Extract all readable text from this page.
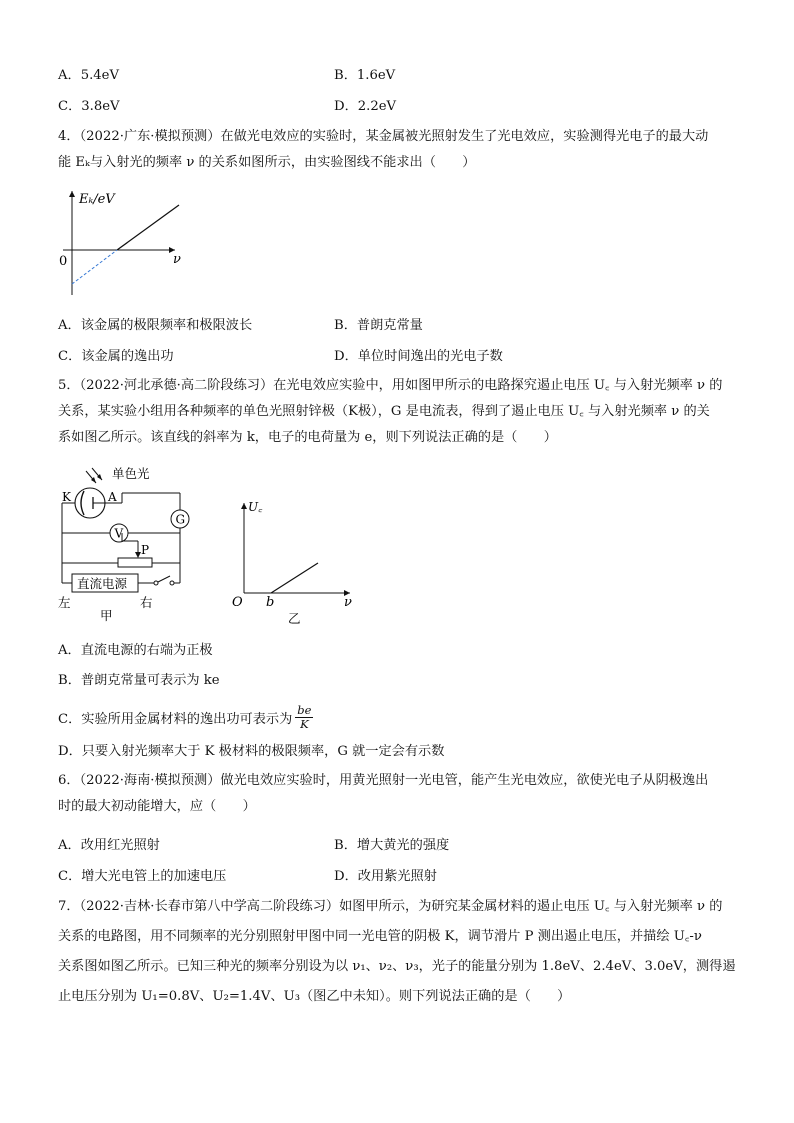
A．5.4eV	B．1.6eV
C．3.8eV	D．2.2eV
4．（2022·广东·模拟预测）在做光电效应的实验时，某金属被光照射发生了光电效应，实验测得光电子的最大动
能 Eₖ与入射光的频率 ν 的关系如图所示，由实验图线不能求出（　　）
Eₖ/eV
ν
0
A．该金属的极限频率和极限波长	B．普朗克常量
C．该金属的逸出功	D．单位时间逸出的光电子数
5．（2022·河北承德·高二阶段练习）在光电效应实验中，用如图甲所示的电路探究遏止电压 U꜀ 与入射光频率 ν 的
关系，某实验小组用各种频率的单色光照射锌极（K极），G 是电流表，得到了遏止电压 U꜀ 与入射光频率 ν 的关
系如图乙所示。该直线的斜率为 k，电子的电荷量为 e，则下列说法正确的是（　　）
单色光
K	A
G
V
P
直流电源
左	右
甲
U꜀
ν
O b
乙
A．直流电源的右端为正极
B．普朗克常量可表示为 ke
C．实验所用金属材料的逸出功可表示为 $\frac{be}{K}$
D．只要入射光频率大于 K 极材料的极限频率，G 就一定会有示数
6．（2022·海南·模拟预测）做光电效应实验时，用黄光照射一光电管，能产生光电效应，欲使光电子从阴极逸出
时的最大初动能增大，应（　　）
A．改用红光照射	B．增大黄光的强度
C．增大光电管上的加速电压	D．改用紫光照射
7．（2022·吉林·长春市第八中学高二阶段练习）如图甲所示，为研究某金属材料的遏止电压 U꜀ 与入射光频率 ν 的
关系的电路图，用不同频率的光分别照射甲图中同一光电管的阴极 K，调节滑片 P 测出遏止电压，并描绘 U꜀-ν
关系图如图乙所示。已知三种光的频率分别设为以 ν₁、ν₂、ν₃，光子的能量分别为 1.8eV、2.4eV、3.0eV，测得遏
止电压分别为 U₁=0.8V、U₂=1.4V、U₃（图乙中未知）。则下列说法正确的是（　　）
